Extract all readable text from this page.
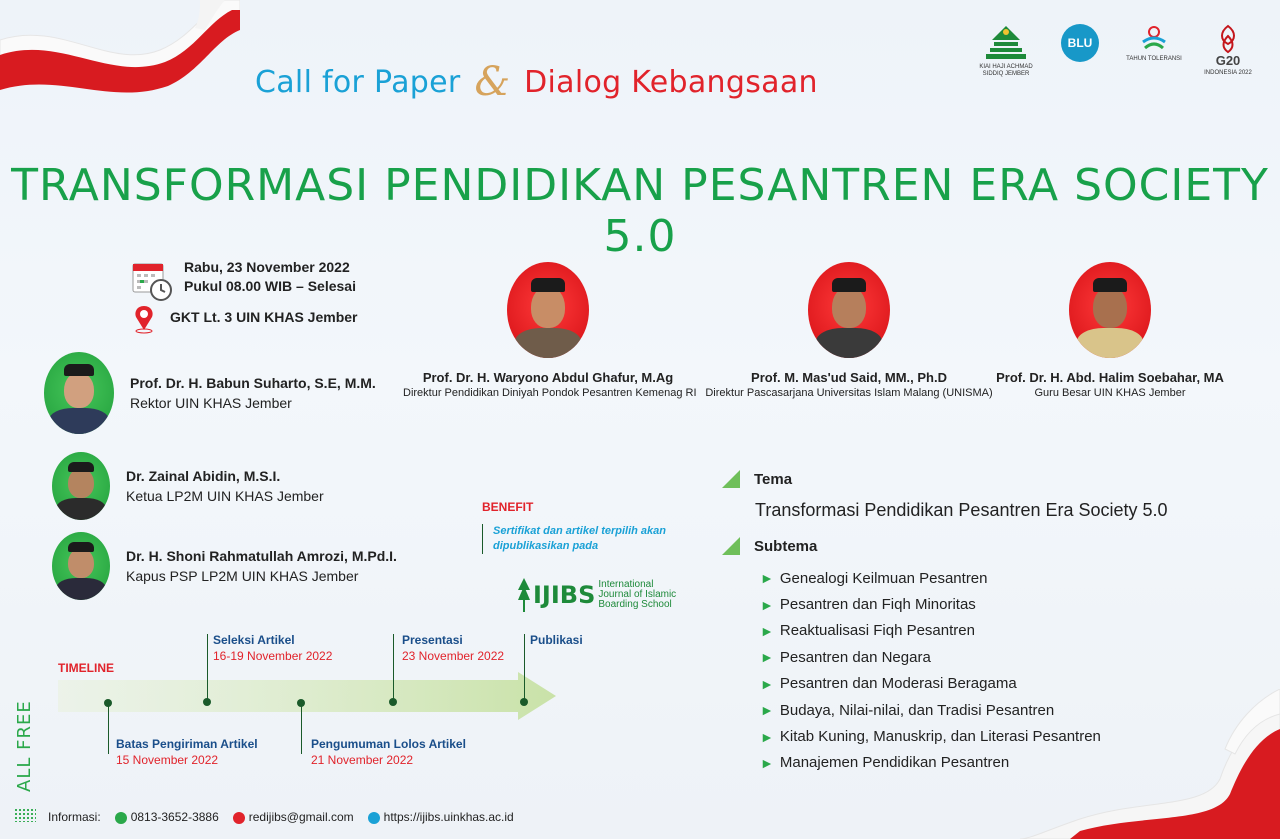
KIAI HAJI ACHMAD SIDDIQ JEMBER
BLU
TAHUN TOLERANSI	G20
INDONESIA 2022
Call for Paper & Dialog Kebangsaan
TRANSFORMASI PENDIDIKAN PESANTREN ERA SOCIETY 5.0
Rabu, 23 November 2022
Pukul 08.00 WIB – Selesai
GKT Lt. 3 UIN KHAS Jember
Prof. Dr. H. Waryono Abdul Ghafur, M.Ag
Direktur Pendidikan Diniyah Pondok Pesantren Kemenag RI
Prof. M. Mas'ud Said, MM., Ph.D
Direktur Pascasarjana Universitas Islam Malang (UNISMA)
Prof. Dr. H. Abd. Halim Soebahar, MA
Guru Besar UIN KHAS Jember
Prof. Dr. H. Babun Suharto, S.E, M.M.
Rektor UIN KHAS Jember
Dr. Zainal Abidin, M.S.I.
Ketua LP2M UIN KHAS Jember
Dr. H. Shoni Rahmatullah Amrozi, M.Pd.I.
Kapus PSP LP2M UIN KHAS Jember
BENEFIT
Sertifikat dan artikel terpilih akan dipublikasikan pada
IJIBS International
Journal of Islamic
Boarding School
TIMELINE
Batas Pengiriman Artikel
15 November 2022
Seleksi Artikel
16-19 November 2022
Pengumuman Lolos Artikel
21 November 2022
Presentasi
23 November 2022
Publikasi
ALL FREE
Informasi:	0813-3652-3886	redijibs@gmail.com	https://ijibs.uinkhas.ac.id
Tema
Transformasi Pendidikan Pesantren Era Society 5.0
Subtema
► Genealogi Keilmuan Pesantren
► Pesantren dan Fiqh Minoritas
► Reaktualisasi Fiqh Pesantren
► Pesantren dan Negara
► Pesantren dan Moderasi Beragama
► Budaya, Nilai-nilai, dan Tradisi Pesantren
► Kitab Kuning, Manuskrip, dan Literasi Pesantren
► Manajemen Pendidikan Pesantren
